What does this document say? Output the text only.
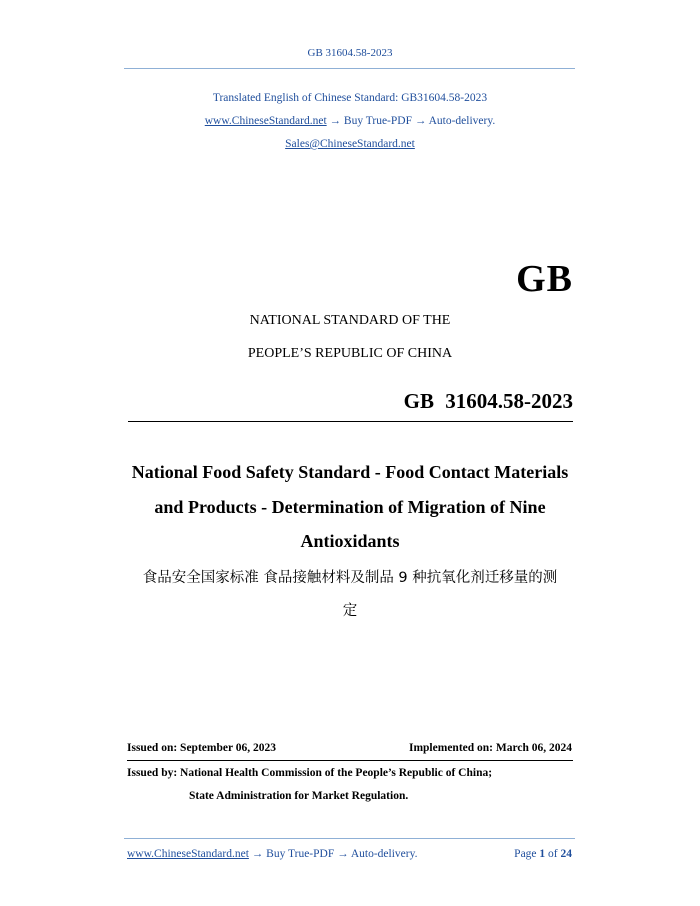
GB 31604.58-2023
Translated English of Chinese Standard: GB31604.58-2023
www.ChineseStandard.net → Buy True-PDF → Auto-delivery.
Sales@ChineseStandard.net
GB
NATIONAL STANDARD OF THE
PEOPLE’S REPUBLIC OF CHINA
GB 31604.58-2023
National Food Safety Standard - Food Contact Materials
and Products - Determination of Migration of Nine
Antioxidants
食品安全国家标准 食品接触材料及制品 9 种抗氧化剂迁移量的测
定
Issued on: September 06, 2023	Implemented on: March 06, 2024
Issued by: National Health Commission of the People’s Republic of China;
State Administration for Market Regulation.
www.ChineseStandard.net → Buy True-PDF → Auto-delivery.	Page 1 of 24
